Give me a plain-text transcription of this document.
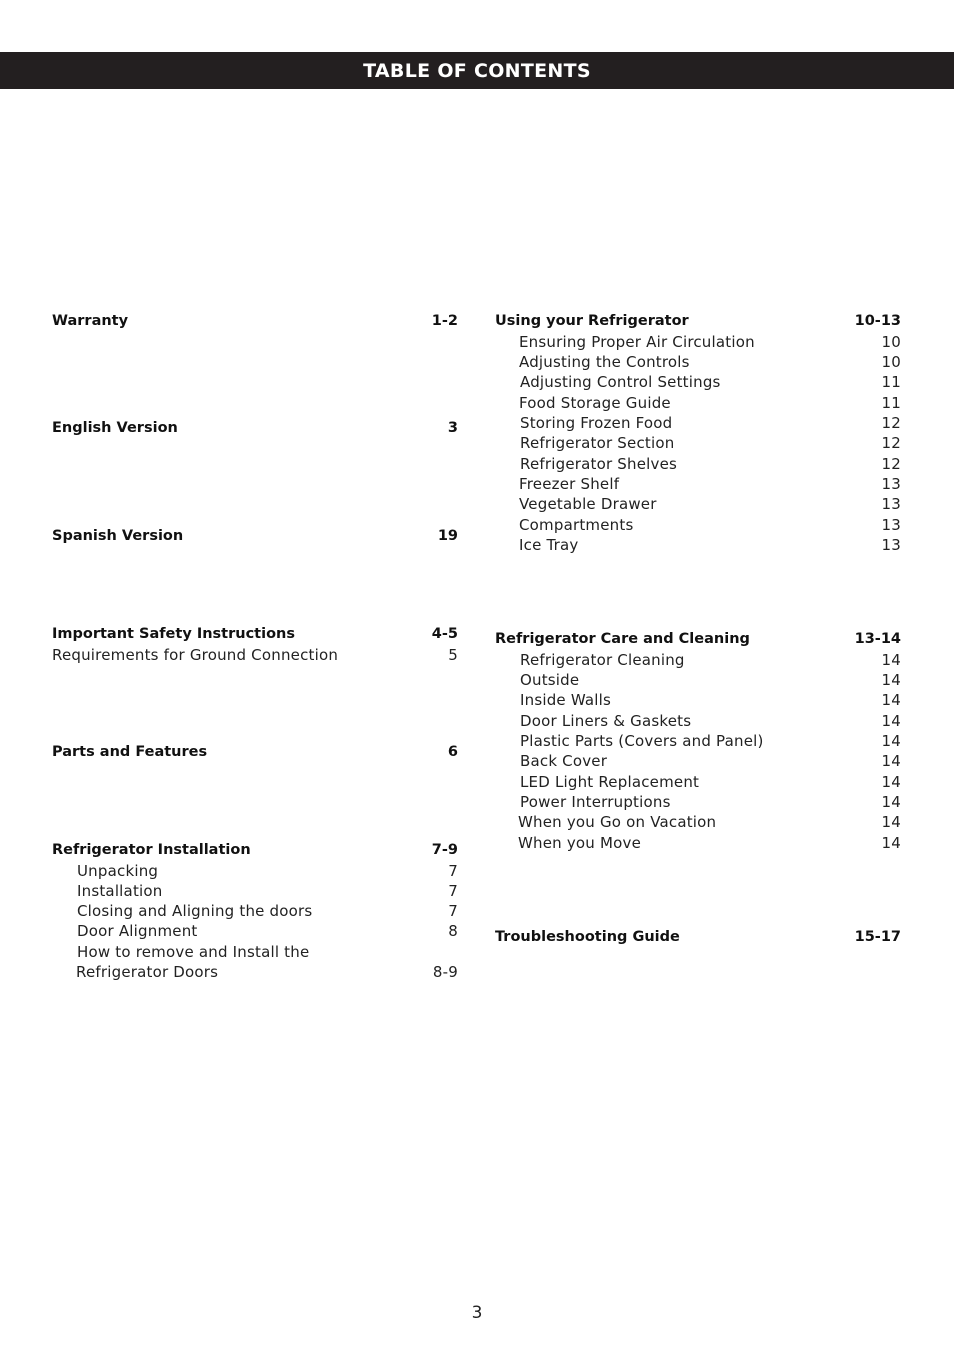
TABLE OF CONTENTS
Warranty	1-2
English Version	3
Spanish Version	19
Important Safety Instructions	4-5
Requirements for Ground Connection	5
Parts and Features	6
Refrigerator Installation	7-9
Unpacking	7
Installation	7
Closing and Aligning the doors	7
Door Alignment	8
How to remove and Install the
Refrigerator Doors	8-9
Using your Refrigerator	10-13
Ensuring Proper Air Circulation	10
Adjusting the Controls	10
Adjusting Control Settings	11
Food Storage Guide	11
Storing Frozen Food	12
Refrigerator Section	12
Refrigerator Shelves	12
Freezer Shelf	13
Vegetable Drawer	13
Compartments	13
Ice Tray	13
Refrigerator Care and Cleaning	13-14
Refrigerator Cleaning	14
Outside	14
Inside Walls	14
Door Liners & Gaskets	14
Plastic Parts (Covers and Panel)	14
Back Cover	14
LED Light Replacement	14
Power Interruptions	14
When you Go on Vacation	14
When you Move	14
Troubleshooting Guide	15-17
3
